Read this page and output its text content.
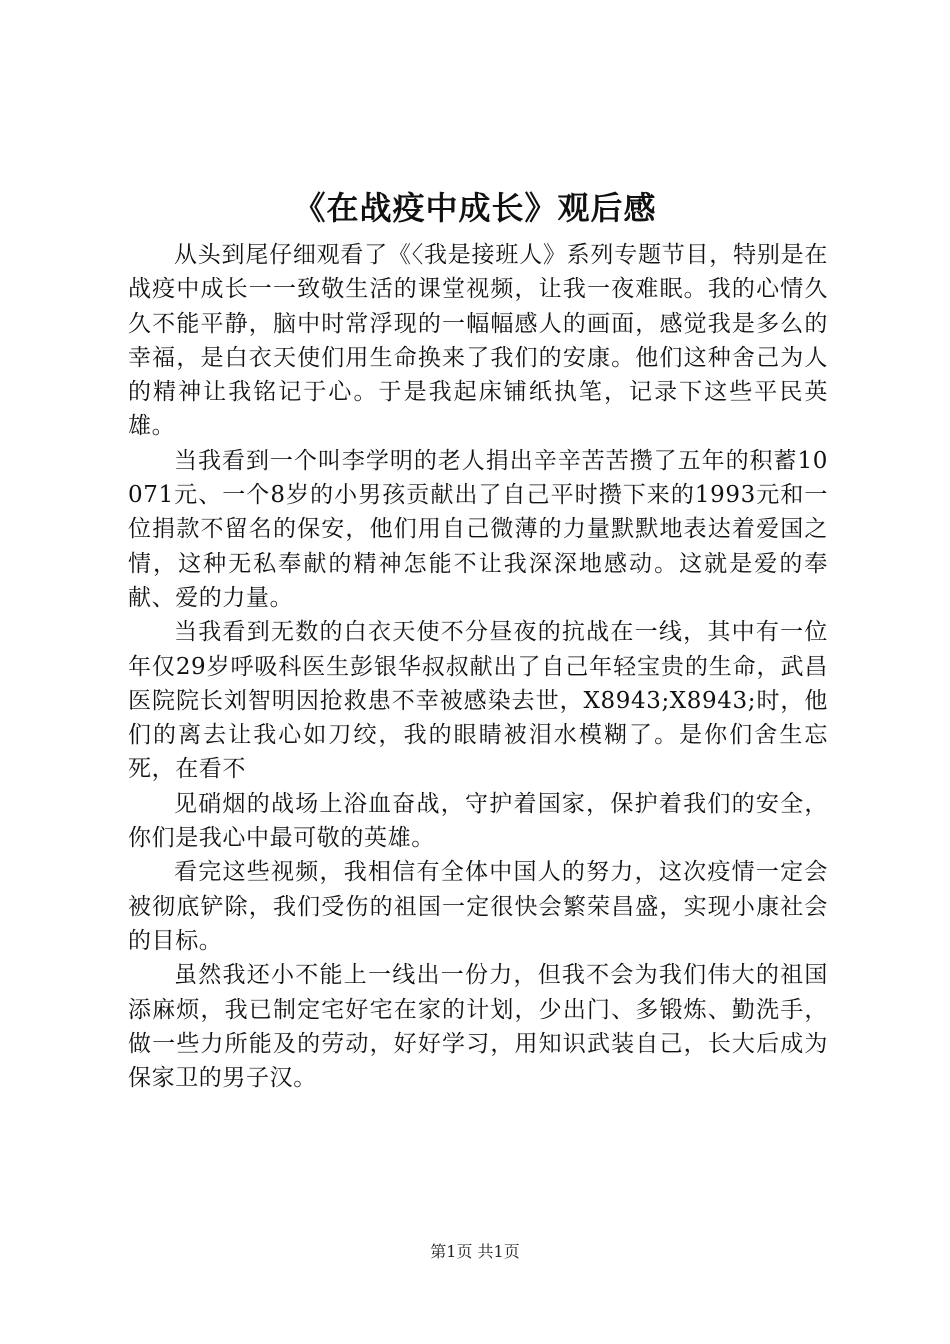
《在战疫中成长》观后感

从头到尾仔细观看了《〈我是接班人》系列专题节目，特别是在战疫中成长一一致敬生活的课堂视频，让我一夜难眠。我的心情久久不能平静，脑中时常浮现的一幅幅感人的画面，感觉我是多么的幸福，是白衣天使们用生命换来了我们的安康。他们这种舍己为人的精神让我铭记于心。于是我起床铺纸执笔，记录下这些平民英雄。

当我看到一个叫李学明的老人捐出辛辛苦苦攒了五年的积蓄10071元、一个8岁的小男孩贡献出了自己平时攒下来的1993元和一位捐款不留名的保安，他们用自己微薄的力量默默地表达着爱国之情，这种无私奉献的精神怎能不让我深深地感动。这就是爱的奉献、爱的力量。

当我看到无数的白衣天使不分昼夜的抗战在一线，其中有一位年仅29岁呼吸科医生彭银华叔叔献出了自己年轻宝贵的生命，武昌医院院长刘智明因抢救患不幸被感染去世，X8943;X8943;时，他们的离去让我心如刀绞，我的眼睛被泪水模糊了。是你们舍生忘死，在看不

见硝烟的战场上浴血奋战，守护着国家，保护着我们的安全，你们是我心中最可敬的英雄。

看完这些视频，我相信有全体中国人的努力，这次疫情一定会被彻底铲除，我们受伤的祖国一定很快会繁荣昌盛，实现小康社会的目标。

虽然我还小不能上一线出一份力，但我不会为我们伟大的祖国添麻烦，我已制定宅好宅在家的计划，少出门、多锻炼、勤洗手，做一些力所能及的劳动，好好学习，用知识武装自己，长大后成为保家卫的男子汉。

第1页 共1页
